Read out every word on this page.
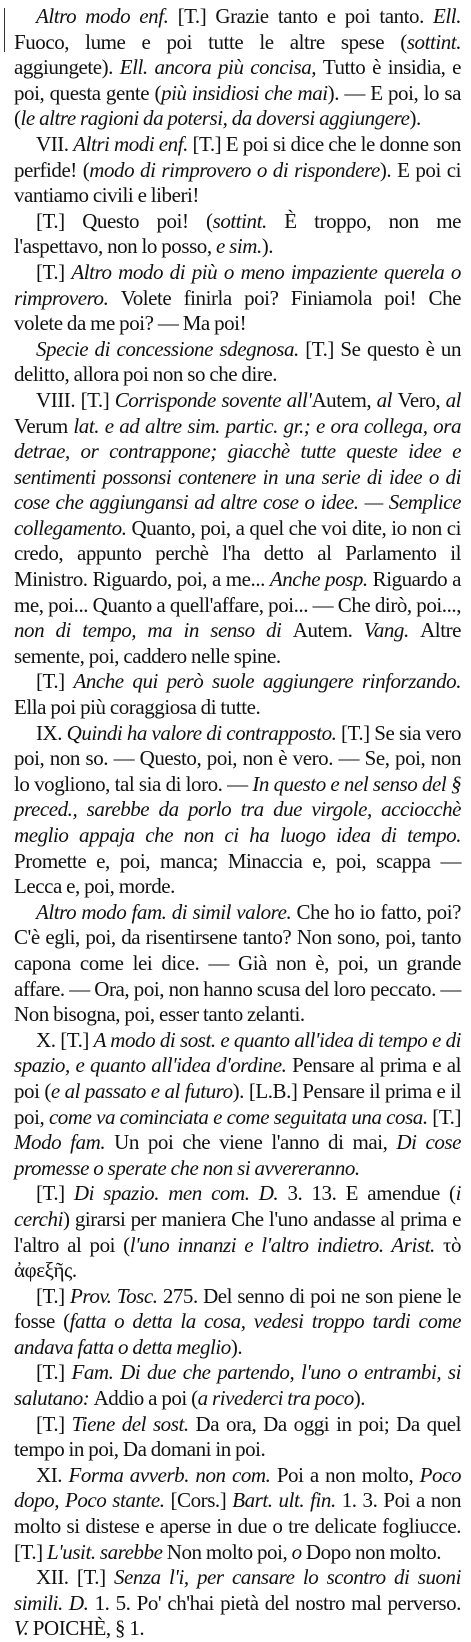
Altro modo enf. [T.] Grazie tanto e poi tanto. Ell. Fuoco, lume e poi tutte le altre spese (sottint. aggiungete). Ell. ancora più concisa, Tutto è insidia, e poi, questa gente (più insidiosi che mai). — E poi, lo sa (le altre ragioni da potersi, da doversi aggiungere).

VII. Altri modi enf. [T.] E poi si dice che le donne son perfide! (modo di rimprovero o di rispondere). E poi ci vantiamo civili e liberi!

[T.] Questo poi! (sottint. È troppo, non me l'aspettavo, non lo posso, e sim.).

[T.] Altro modo di più o meno impaziente querela o rimprovero. Volete finirla poi? Finiamola poi! Che volete da me poi? — Ma poi!

Specie di concessione sdegnosa. [T.] Se questo è un delitto, allora poi non so che dire.

VIII. [T.] Corrisponde sovente all'Autem, al Vero, al Verum lat. e ad altre sim. partic. gr.; e ora collega, ora detrae, or contrappone; giacchè tutte queste idee e sentimenti possonsi contenere in una serie di idee o di cose che aggiungansi ad altre cose o idee. — Semplice collegamento. Quanto, poi, a quel che voi dite, io non ci credo, appunto perchè l'ha detto al Parlamento il Ministro. Riguardo, poi, a me... Anche posp. Riguardo a me, poi... Quanto a quell'affare, poi... — Che dirò, poi..., non di tempo, ma in senso di Autem. Vang. Altre semente, poi, caddero nelle spine.

[T.] Anche qui però suole aggiungere rinforzando. Ella poi più coraggiosa di tutte.

IX. Quindi ha valore di contrapposto. [T.] Se sia vero poi, non so. — Questo, poi, non è vero. — Se, poi, non lo vogliono, tal sia di loro. — In questo e nel senso del § preced., sarebbe da porlo tra due virgole, acciocchè meglio appaja che non ci ha luogo idea di tempo. Promette e, poi, manca; Minaccia e, poi, scappa — Lecca e, poi, morde.

Altro modo fam. di simil valore. Che ho io fatto, poi? C'è egli, poi, da risentirsene tanto? Non sono, poi, tanto capona come lei dice. — Già non è, poi, un grande affare. — Ora, poi, non hanno scusa del loro peccato. — Non bisogna, poi, esser tanto zelanti.

X. [T.] A modo di sost. e quanto all'idea di tempo e di spazio, e quanto all'idea d'ordine. Pensare al prima e al poi (e al passato e al futuro). [L.B.] Pensare il prima e il poi, come va cominciata e come seguitata una cosa. [T.] Modo fam. Un poi che viene l'anno di mai, Di cose promesse o sperate che non si avvereranno.

[T.] Di spazio. men com. D. 3. 13. E amendue (i cerchi) girarsi per maniera Che l'uno andasse al prima e l'altro al poi (l'uno innanzi e l'altro indietro. Arist. τὸ ἀφεξῆς.

[T.] Prov. Tosc. 275. Del senno di poi ne son piene le fosse (fatta o detta la cosa, vedesi troppo tardi come andava fatta o detta meglio).

[T.] Fam. Di due che partendo, l'uno o entrambi, si salutano: Addio a poi (a rivederci tra poco).

[T.] Tiene del sost. Da ora, Da oggi in poi; Da quel tempo in poi, Da domani in poi.

XI. Forma avverb. non com. Poi a non molto, Poco dopo, Poco stante. [Cors.] Bart. ult. fin. 1. 3. Poi a non molto si distese e aperse in due o tre delicate fogliucce. [T.] L'usit. sarebbe Non molto poi, o Dopo non molto.

XII. [T.] Senza l'i, per cansare lo scontro di suoni simili. D. 1. 5. Po' ch'hai pietà del nostro mal perverso. V. POICHÈ, § 1.
